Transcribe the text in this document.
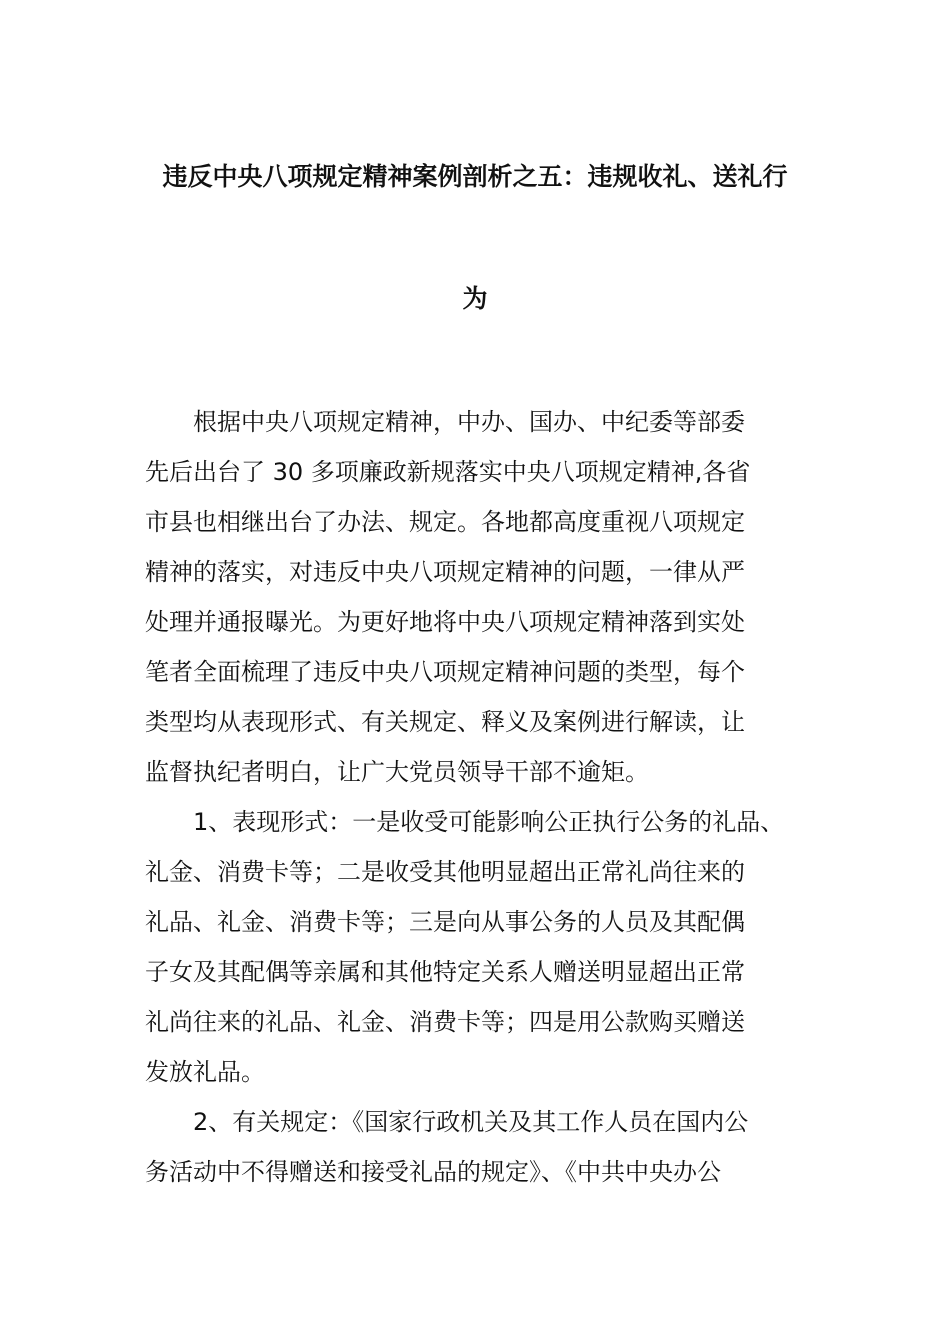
违反中央八项规定精神案例剖析之五：违规收礼、送礼行
为
根据中央八项规定精神，中办、国办、中纪委等部委
先后出台了 30 多项廉政新规落实中央八项规定精神,各省
市县也相继出台了办法、规定。各地都高度重视八项规定
精神的落实，对违反中央八项规定精神的问题，一律从严
处理并通报曝光。为更好地将中央八项规定精神落到实处
笔者全面梳理了违反中央八项规定精神问题的类型，每个
类型均从表现形式、有关规定、释义及案例进行解读，让
监督执纪者明白，让广大党员领导干部不逾矩。
1、表现形式：一是收受可能影响公正执行公务的礼品、
礼金、消费卡等；二是收受其他明显超出正常礼尚往来的
礼品、礼金、消费卡等；三是向从事公务的人员及其配偶
子女及其配偶等亲属和其他特定关系人赠送明显超出正常
礼尚往来的礼品、礼金、消费卡等；四是用公款购买赠送
发放礼品。
2、有关规定：《国家行政机关及其工作人员在国内公
务活动中不得赠送和接受礼品的规定》、《中共中央办公
